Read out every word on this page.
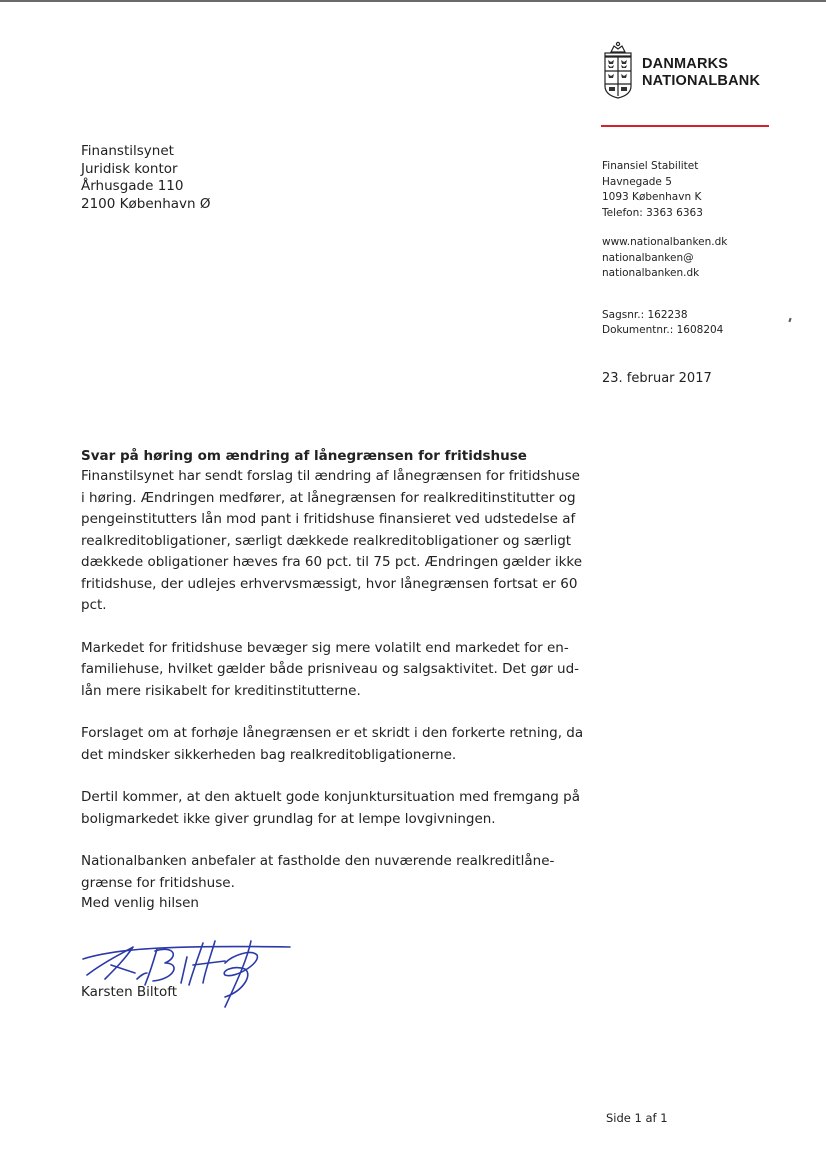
DANMARKS
NATIONALBANK
Finanstilsynet
Juridisk kontor
Århusgade 110
2100 København Ø
Finansiel Stabilitet
Havnegade 5
1093 København K
Telefon: 3363 6363
www.nationalbanken.dk
nationalbanken@
nationalbanken.dk
Sagsnr.: 162238
Dokumentnr.: 1608204
23. februar 2017
Svar på høring om ændring af lånegrænsen for fritidshuse

Finanstilsynet har sendt forslag til ændring af lånegrænsen for fritidshuse i høring. Ændringen medfører, at lånegrænsen for realkreditinstitutter og pengeinstitutters lån mod pant i fritidshuse finansieret ved udstedelse af realkreditobligationer, særligt dækkede realkreditobligationer og særligt dækkede obligationer hæves fra 60 pct. til 75 pct. Ændringen gælder ikke fritidshuse, der udlejes erhvervsmæssigt, hvor lånegrænsen fortsat er 60 pct.

Markedet for fritidshuse bevæger sig mere volatilt end markedet for en-familiehuse, hvilket gælder både prisniveau og salgsaktivitet. Det gør ud-lån mere risikabelt for kreditinstitutterne.

Forslaget om at forhøje lånegrænsen er et skridt i den forkerte retning, da det mindsker sikkerheden bag realkreditobligationerne.

Dertil kommer, at den aktuelt gode konjunktursituation med fremgang på boligmarkedet ikke giver grundlag for at lempe lovgivningen.

Nationalbanken anbefaler at fastholde den nuværende realkreditlåne-grænse for fritidshuse.

Med venlig hilsen
Karsten Biltoft
Side 1 af 1
